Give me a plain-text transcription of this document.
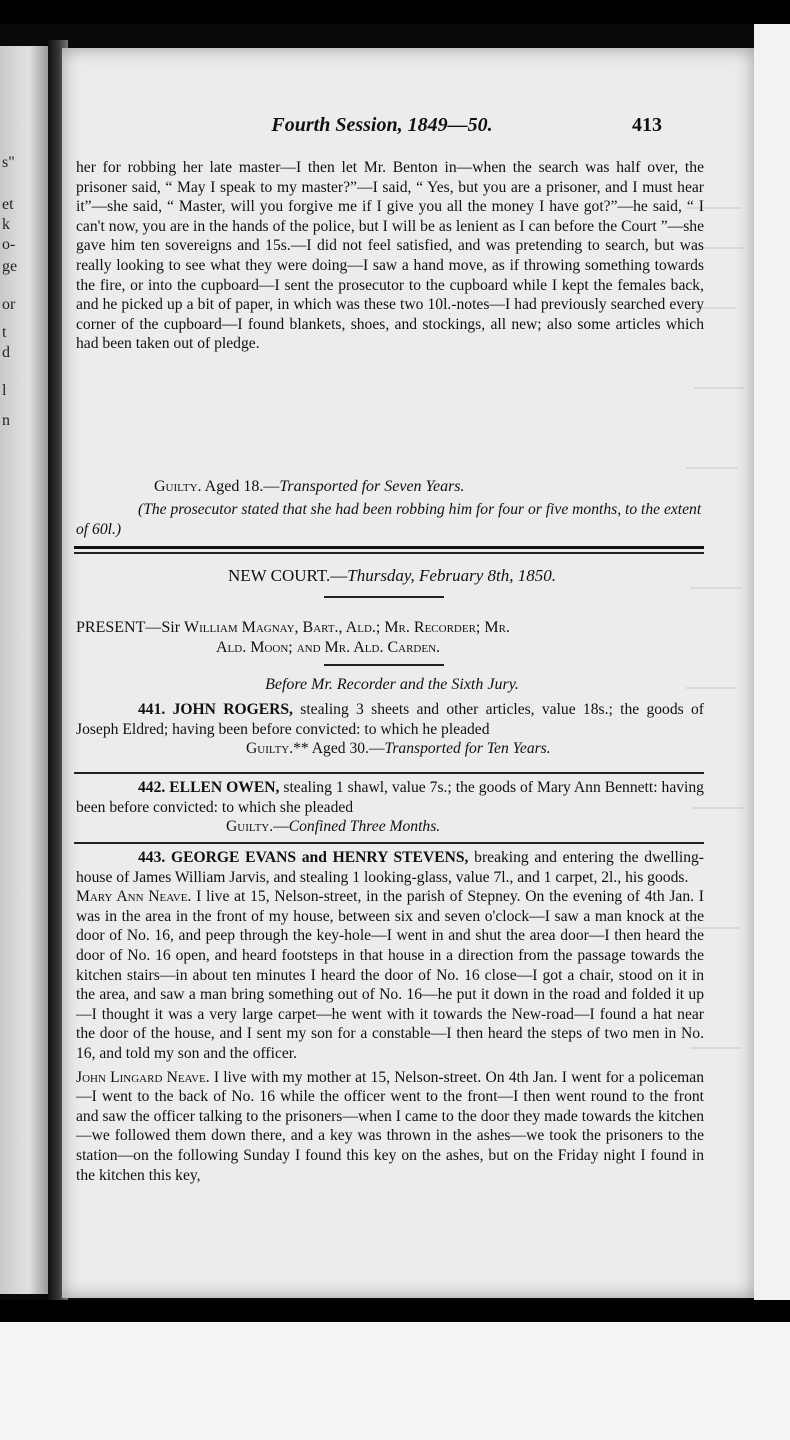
s"
et
k
o-
ge
or
t
d
l
n
Fourth Session, 1849—50.	413

her for robbing her late master—I then let Mr. Benton in—when the search was half over, the prisoner said, “ May I speak to my master?”—I said, “ Yes, but you are a prisoner, and I must hear it”—she said, “ Master, will you forgive me if I give you all the money I have got?”—he said, “ I can't now, you are in the hands of the police, but I will be as lenient as I can before the Court ”—she gave him ten sovereigns and 15s.—I did not feel satisfied, and was pretending to search, but was really looking to see what they were doing—I saw a hand move, as if throwing something towards the fire, or into the cupboard—I sent the prosecutor to the cupboard while I kept the females back, and he picked up a bit of paper, in which was these two 10l.-notes—I had previously searched every corner of the cupboard—I found blankets, shoes, and stockings, all new; also some articles which had been taken out of pledge.

Guilty. Aged 18.—Transported for Seven Years.
(The prosecutor stated that she had been robbing him for four or five months, to the extent of 60l.)
NEW COURT.—Thursday, February 8th, 1850.
PRESENT—Sir William Magnay, Bart., Ald.; Mr. Recorder; Mr.
Ald. Moon; and Mr. Ald. Carden.
Before Mr. Recorder and the Sixth Jury.
441. JOHN ROGERS, stealing 3 sheets and other articles, value 18s.; the goods of Joseph Eldred; having been before convicted: to which he pleaded
Guilty.** Aged 30.—Transported for Ten Years.
442. ELLEN OWEN, stealing 1 shawl, value 7s.; the goods of Mary Ann Bennett: having been before convicted: to which she pleaded
Guilty.—Confined Three Months.
443. GEORGE EVANS and HENRY STEVENS, breaking and entering the dwelling-house of James William Jarvis, and stealing 1 looking-glass, value 7l., and 1 carpet, 2l., his goods.
Mary Ann Neave. I live at 15, Nelson-street, in the parish of Stepney. On the evening of 4th Jan. I was in the area in the front of my house, between six and seven o'clock—I saw a man knock at the door of No. 16, and peep through the key-hole—I went in and shut the area door—I then heard the door of No. 16 open, and heard footsteps in that house in a direction from the passage towards the kitchen stairs—in about ten minutes I heard the door of No. 16 close—I got a chair, stood on it in the area, and saw a man bring something out of No. 16—he put it down in the road and folded it up—I thought it was a very large carpet—he went with it towards the New-road—I found a hat near the door of the house, and I sent my son for a constable—I then heard the steps of two men in No. 16, and told my son and the officer.
John Lingard Neave. I live with my mother at 15, Nelson-street. On 4th Jan. I went for a policeman—I went to the back of No. 16 while the officer went to the front—I then went round to the front and saw the officer talking to the prisoners—when I came to the door they made towards the kitchen—we followed them down there, and a key was thrown in the ashes—we took the prisoners to the station—on the following Sunday I found this key on the ashes, but on the Friday night I found in the kitchen this key,
